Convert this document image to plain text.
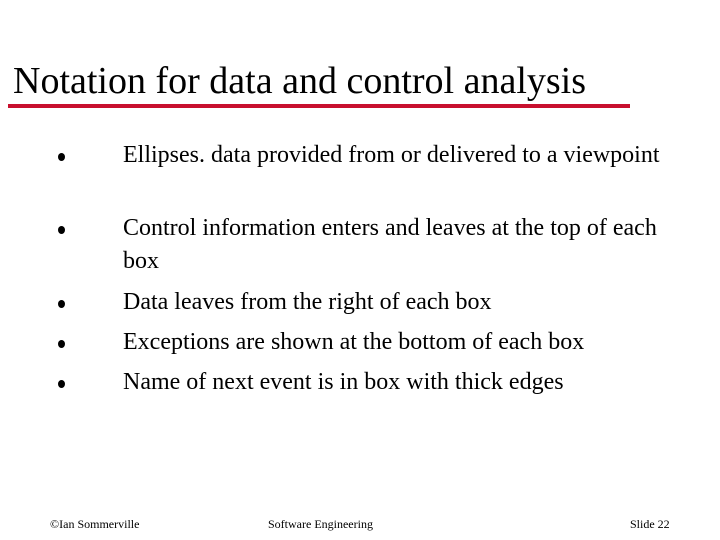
Notation for data and control analysis
Ellipses. data provided from or delivered to a viewpoint
Control information enters and leaves at the top of each box
Data leaves from the right of each box
Exceptions are shown at the bottom of each box
Name of next event is in box with thick edges
©Ian Sommerville	Software Engineering	Slide 22
